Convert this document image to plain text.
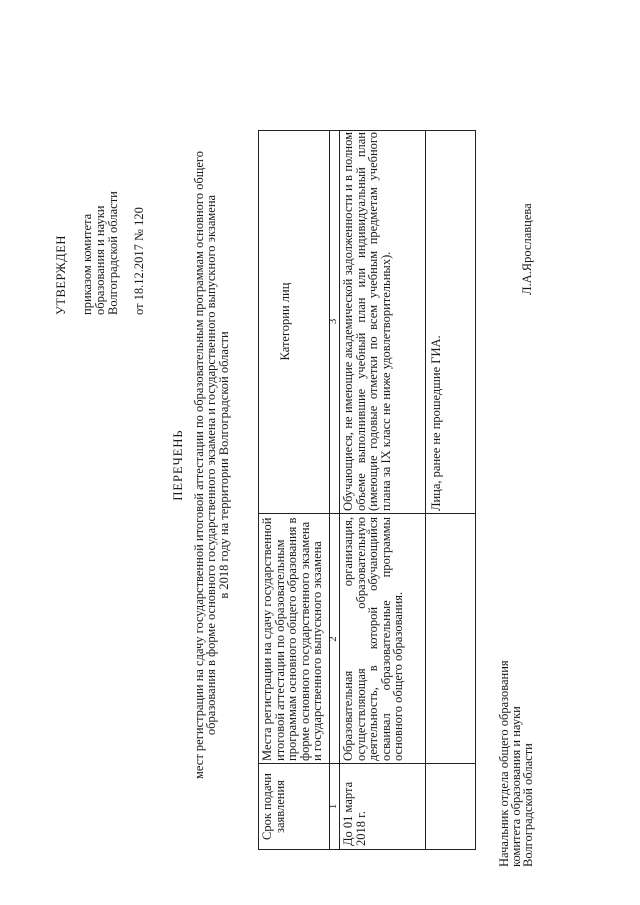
УТВЕРЖДЕН приказом комитета образования и науки Волгоградской области от 18.12.2017 № 120
ПЕРЕЧЕНЬ мест регистрации на сдачу государственной итоговой аттестации по образовательным программам основного общего
образования в форме основного государственного экзамена и государственного выпускного экзамена
в 2018 году на территории Волгоградской области
Срок подачи заявления
Места регистрации на сдачу государственной итоговой аттестации по образовательным программам основного общего образования в форме основного государственного экзамена и государственного выпускного экзамена
Категории лиц
1
2
3
До 01 марта 2018 г.
Образовательная организация, осуществляющая образовательную деятельность, в которой обучающийся осваивал образовательные программы основного общего образования.
Обучающиеся, не имеющие академической задолженности и в полном объеме выполнившие учебный план или индивидуальный план (имеющие годовые отметки по всем учебным предметам учебного плана за IX класс не ниже удовлетворительных).	Лица, ранее не прошедшие ГИА.
Начальник отдела общего образования
комитета образования и науки
Волгоградской области
Л.А.Ярославцева
